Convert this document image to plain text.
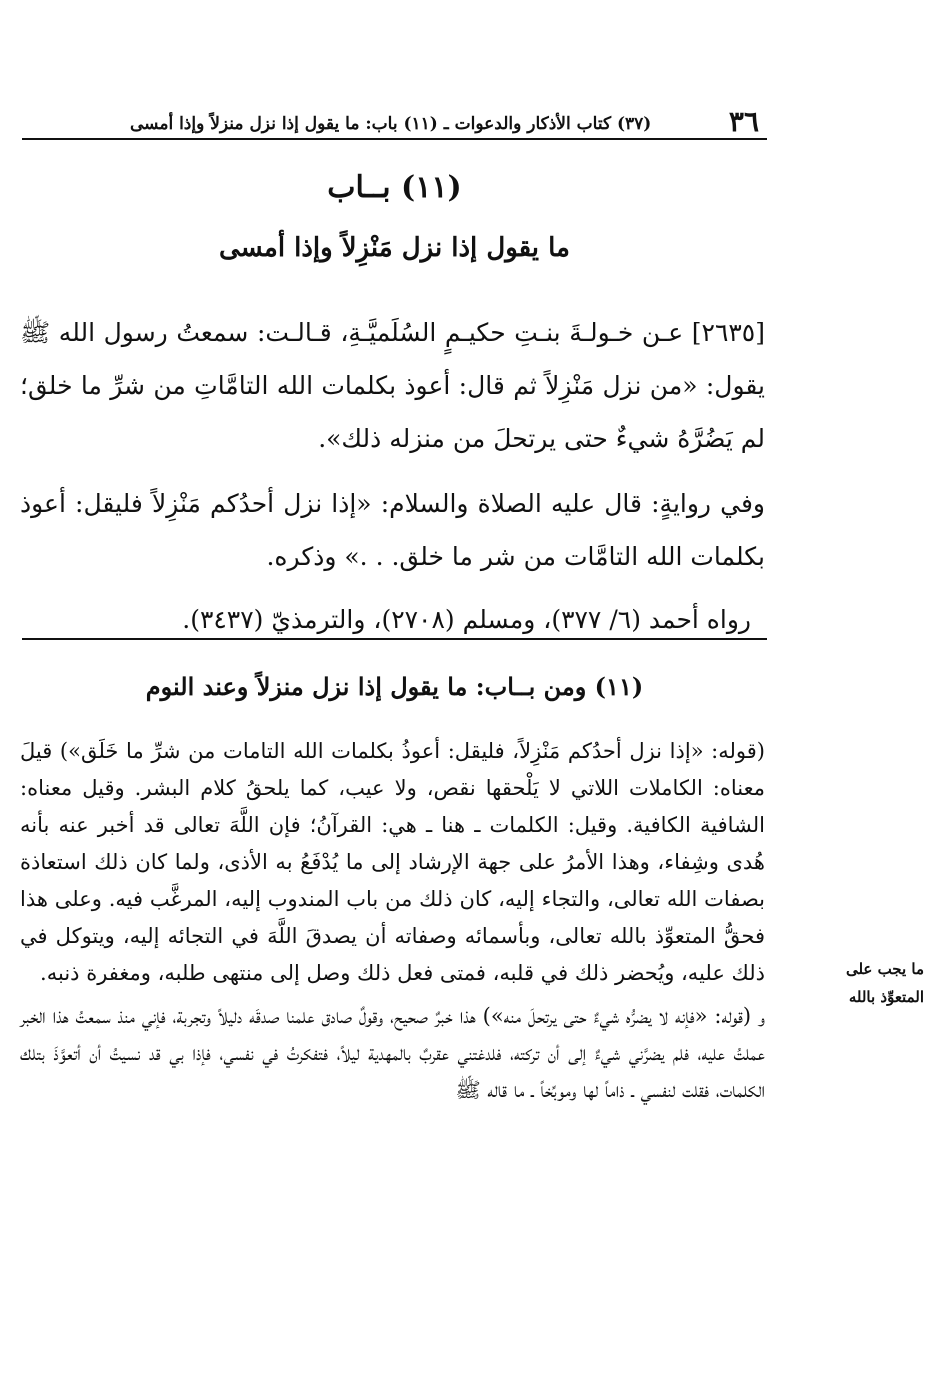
٣٦
(٣٧) كتاب الأذكار والدعوات ـ (١١) باب: ما يقول إذا نزل منزلاً وإذا أمسى
(١١) بــاب
ما يقول إذا نزل مَنْزِلاً وإذا أمسى

[٢٦٣٥] عـن خـولـةَ بنـتِ حكيـمٍ السُلَميَّـةِ، قـالـت: سمعتُ رسول الله ﷺ يقول: «من نزل مَنْزِلاً ثم قال: أعوذ بكلمات الله التامَّاتِ من شرِّ ما خلق؛ لم يَضُرَّهُ شيءٌ حتى يرتحلَ من منزله ذلك».

وفي روايةٍ: قال عليه الصلاة والسلام: «إذا نزل أحدُكم مَنْزِلاً فليقل: أعوذ بكلمات الله التامَّات من شر ما خلق. . .» وذكره.

رواه أحمد (٦/ ٣٧٧)، ومسلم (٢٧٠٨)، والترمذيّ (٣٤٣٧).

(١١) ومن بــاب: ما يقول إذا نزل منزلاً وعند النوم

(قوله: «إذا نزل أحدُكم مَنْزِلاً، فليقل: أعوذُ بكلمات الله التامات من شرِّ ما خَلَق») قيلَ معناه: الكاملات اللاتي لا يَلْحقها نقص، ولا عيب، كما يلحقُ كلام البشر. وقيل معناه: الشافية الكافية. وقيل: الكلمات ـ هنا ـ هي: القرآنُ؛ فإن اللَّهَ تعالى قد أخبر عنه بأنه هُدى وشِفاء، وهذا الأمرُ على جهة الإرشاد إلى ما يُدْفَعُ به الأذى، ولما كان ذلك استعاذة بصفات الله تعالى، والتجاء إليه، كان ذلك من باب المندوب إليه، المرغَّب فيه. وعلى هذا فحقُّ المتعوِّذ بالله تعالى، وبأسمائه وصفاته أن يصدقَ اللَّهَ في التجائه إليه، ويتوكل في ذلك عليه، ويُحضر ذلك في قلبه، فمتى فعل ذلك وصل إلى منتهى طلبه، ومغفرة ذنبه.

و (قوله: «فإنه لا يضرُّه شيءٌ حتى يرتحلَ منه») هذا خبرٌ صحيح، وقولٌ صادق علمنا صدقَه دليلاً وتجربة، فإني منذ سمعتُ هذا الخبر عملتُ عليه، فلم يضرَّني شيءٌ إلى أن تركته، فلدغتني عقربٌ بالمهدية ليلاً، فتفكرتُ في نفسي، فإذا بي قد نسيتُ أن أتعوَّذَ بتلك الكلمات، فقلت لنفسي ـ ذاماً لها وموبِّخاً ـ ما قاله ﷺ

ما يجب على المتعوِّذ بالله
